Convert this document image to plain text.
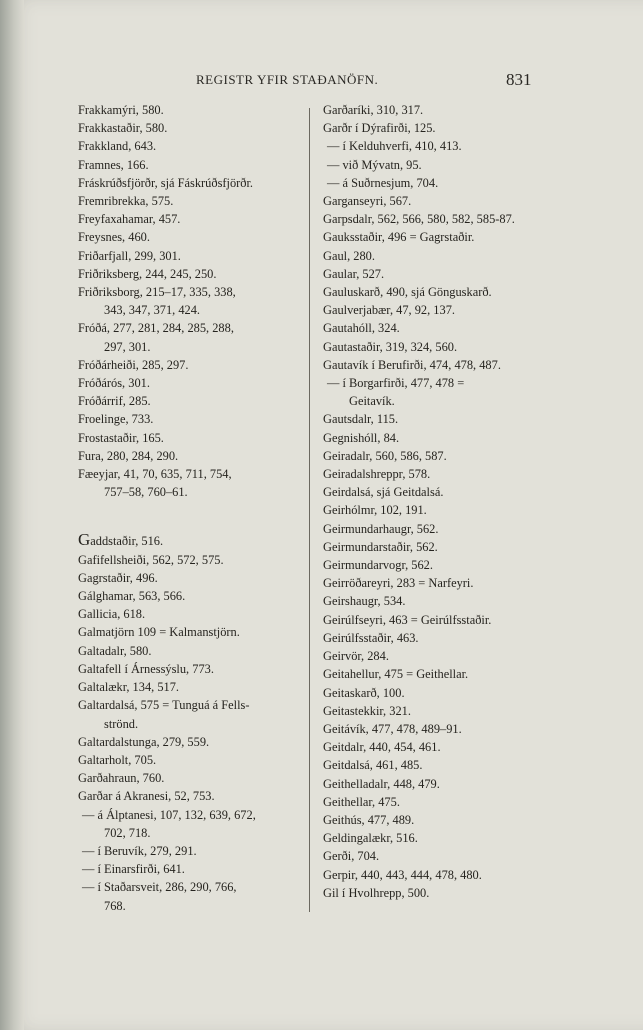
REGISTR YFIR STAÐANÖFN.	831

Frakkamýri, 580.

Frakkastaðir, 580.

Frakkland, 643.

Framnes, 166.

Fráskrúðsfjörðr, sjá Fáskrúðsfjörðr.

Fremribrekka, 575.

Freyfaxahamar, 457.

Freysnes, 460.

Friðarfjall, 299, 301.

Friðriksberg, 244, 245, 250.

Friðriksborg, 215–17, 335, 338,

343, 347, 371, 424.

Fróðá, 277, 281, 284, 285, 288,

297, 301.

Fróðárheiði, 285, 297.

Fróðárós, 301.

Fróðárrif, 285.

Froelinge, 733.

Frostastaðir, 165.

Fura, 280, 284, 290.

Fæeyjar, 41, 70, 635, 711, 754,

757–58, 760–61.

Gaddstaðir, 516.

Gafifellsheiði, 562, 572, 575.

Gagrstaðir, 496.

Gálghamar, 563, 566.

Gallicia, 618.

Galmatjörn 109 = Kalmanstjörn.

Galtadalr, 580.

Galtafell í Árnessýslu, 773.

Galtalækr, 134, 517.

Galtardalsá, 575 = Tunguá á Fells-

strönd.

Galtardalstunga, 279, 559.

Galtarholt, 705.

Garðahraun, 760.

Garðar á Akranesi, 52, 753.

— á Álptanesi, 107, 132, 639, 672,

702, 718.

— í Beruvík, 279, 291.

— í Einarsfirði, 641.

— í Staðarsveit, 286, 290, 766,

768.

Garðaríki, 310, 317.

Garðr í Dýrafirði, 125.

— í Kelduhverfi, 410, 413.

— við Mývatn, 95.

— á Suðrnesjum, 704.

Garganseyri, 567.

Garpsdalr, 562, 566, 580, 582, 585-87.

Gauksstaðir, 496 = Gagrstaðir.

Gaul, 280.

Gaular, 527.

Gauluskarð, 490, sjá Gönguskarð.

Gaulverjabær, 47, 92, 137.

Gautahóll, 324.

Gautastaðir, 319, 324, 560.

Gautavík í Berufirði, 474, 478, 487.

— í Borgarfirði, 477, 478 =

Geitavík.

Gautsdalr, 115.

Gegnishóll, 84.

Geiradalr, 560, 586, 587.

Geiradalshreppr, 578.

Geirdalsá, sjá Geitdalsá.

Geirhólmr, 102, 191.

Geirmundarhaugr, 562.

Geirmundarstaðir, 562.

Geirmundarvogr, 562.

Geirröðareyri, 283 = Narfeyri.

Geirshaugr, 534.

Geirúlfseyri, 463 = Geirúlfsstaðir.

Geirúlfsstaðir, 463.

Geirvör, 284.

Geitahellur, 475 = Geithellar.

Geitaskarð, 100.

Geitastekkir, 321.

Geitávík, 477, 478, 489–91.

Geitdalr, 440, 454, 461.

Geitdalsá, 461, 485.

Geithelladalr, 448, 479.

Geithellar, 475.

Geithús, 477, 489.

Geldingalækr, 516.

Gerði, 704.

Gerpir, 440, 443, 444, 478, 480.

Gil í Hvolhrepp, 500.
